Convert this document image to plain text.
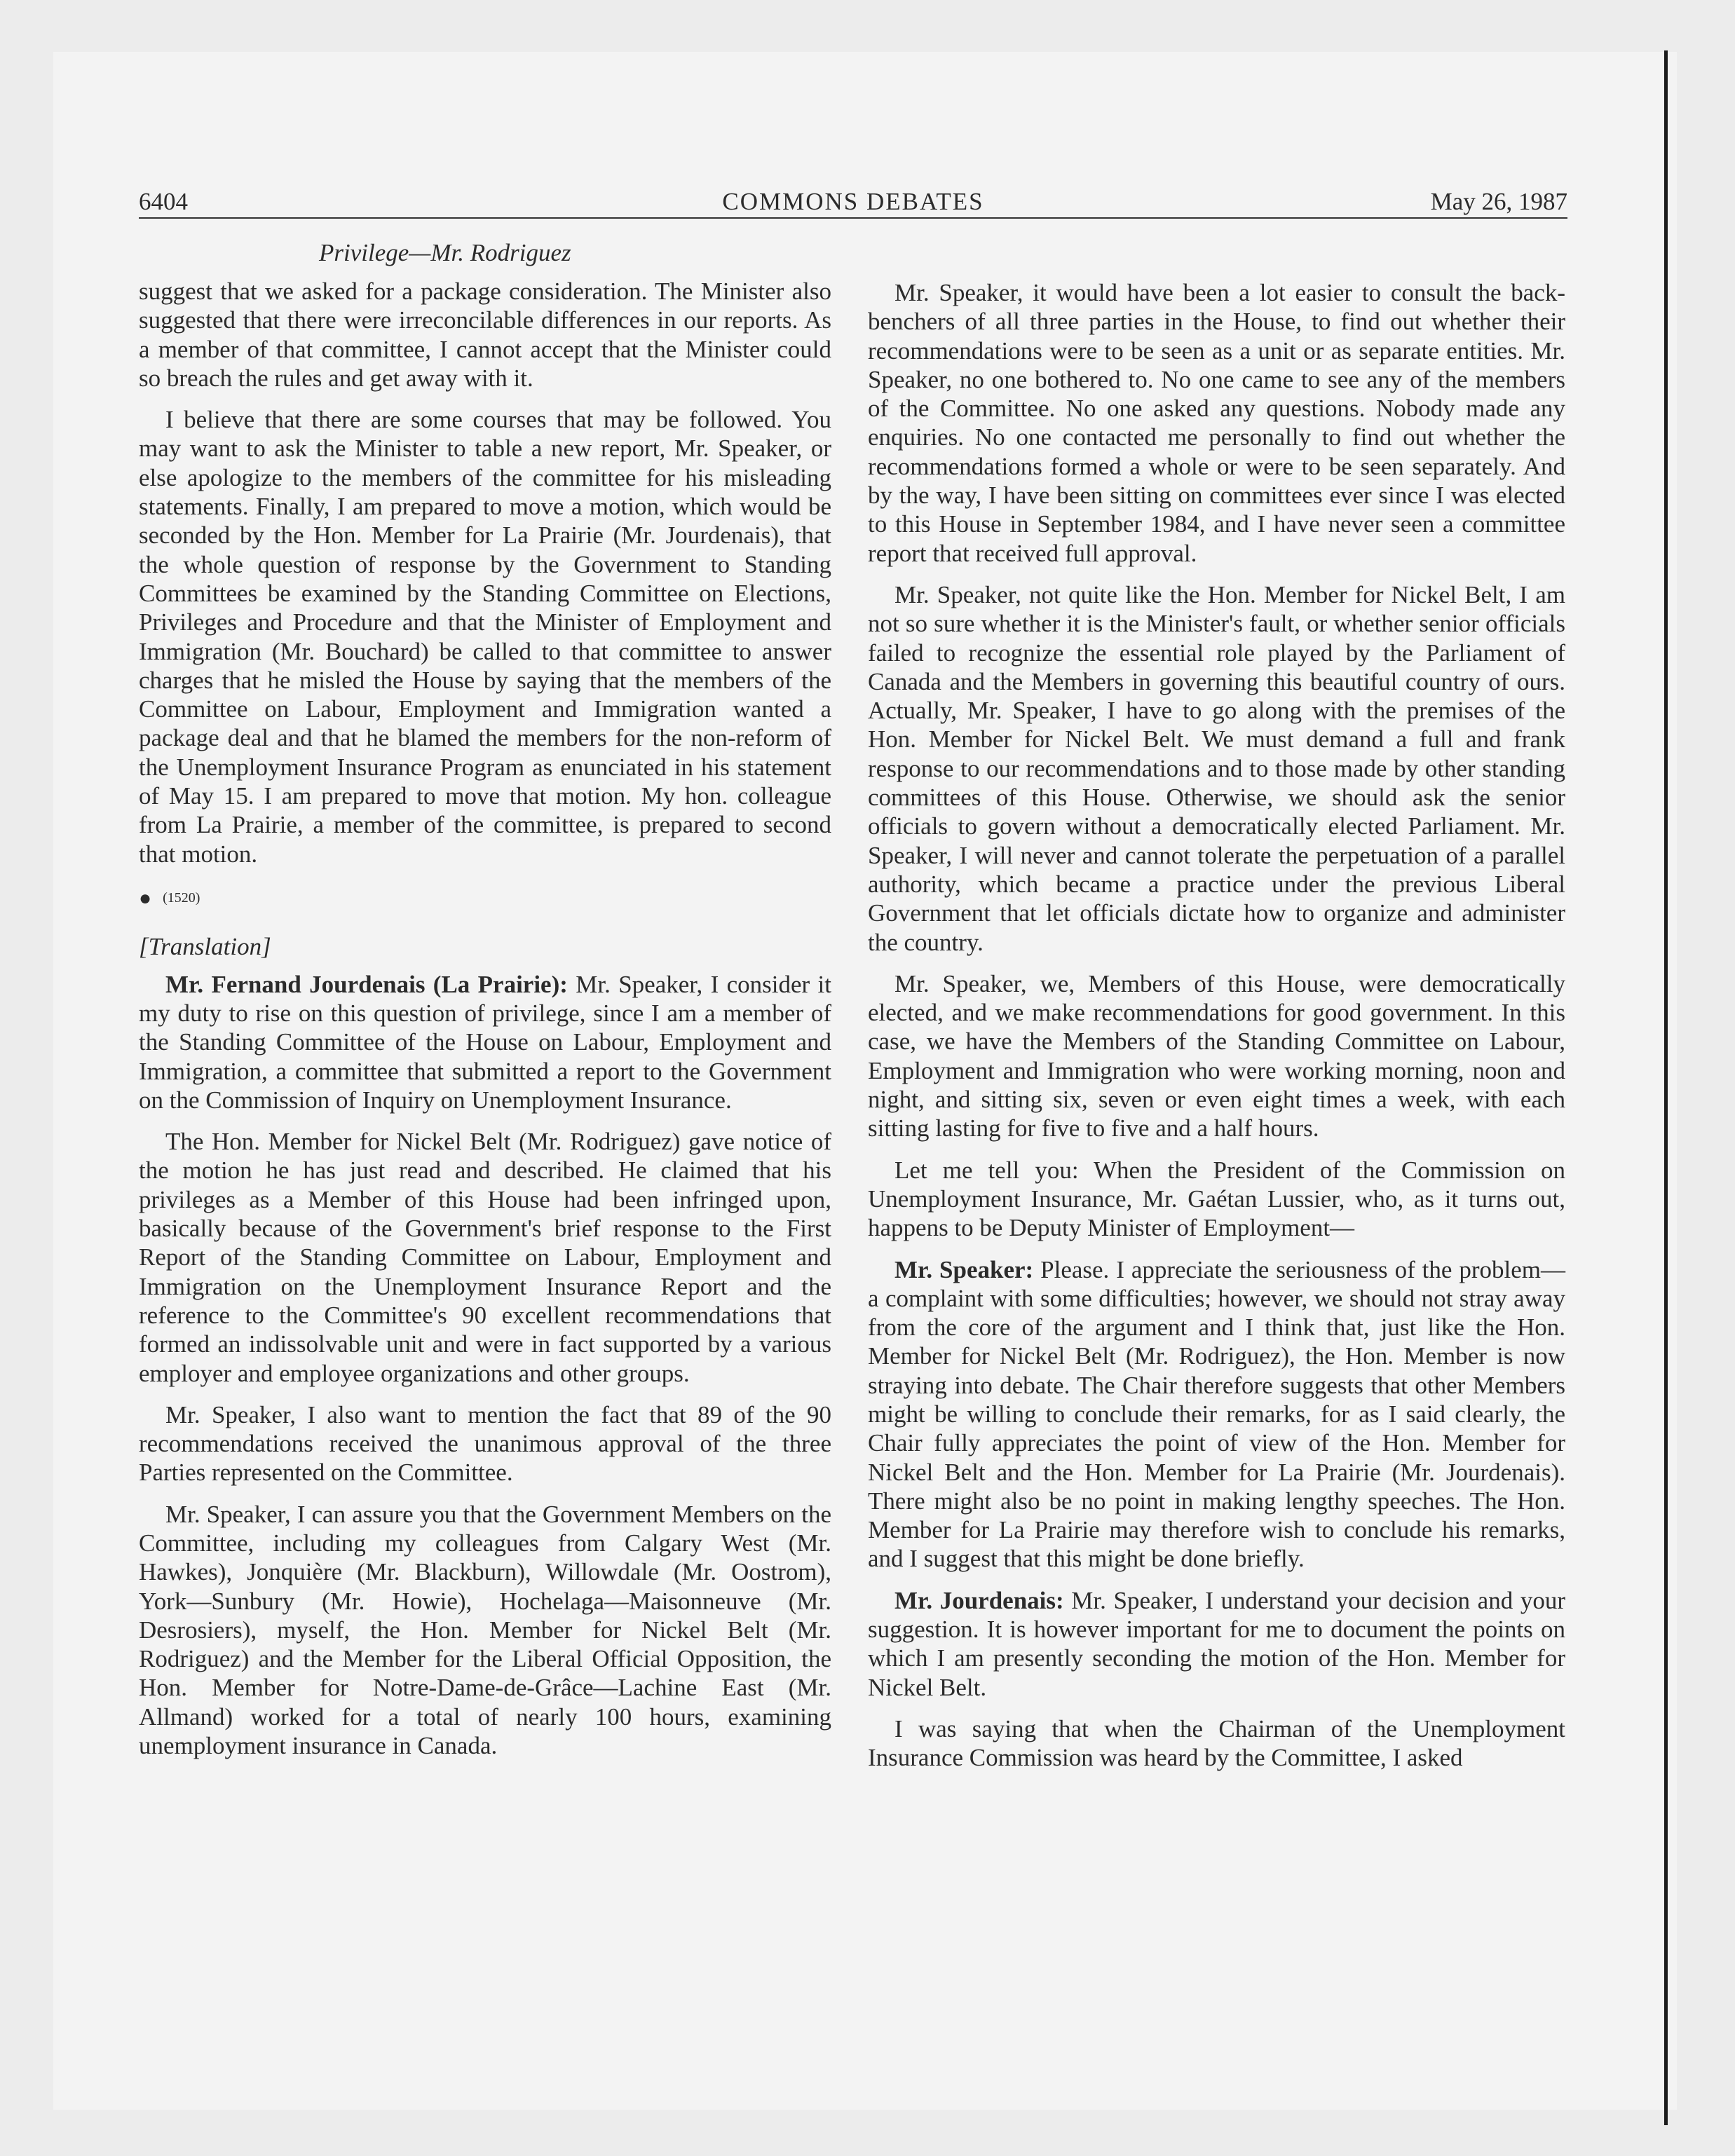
6404	COMMONS DEBATES	May 26, 1987
Privilege—Mr. Rodriguez

suggest that we asked for a package consideration. The Minister also suggested that there were irreconcilable differences in our reports. As a member of that committee, I cannot accept that the Minister could so breach the rules and get away with it.

I believe that there are some courses that may be followed. You may want to ask the Minister to table a new report, Mr. Speaker, or else apologize to the members of the committee for his misleading statements. Finally, I am prepared to move a motion, which would be seconded by the Hon. Member for La Prairie (Mr. Jourdenais), that the whole question of response by the Government to Standing Committees be examined by the Standing Committee on Elections, Privileges and Procedure and that the Minister of Employment and Immigration (Mr. Bouchard) be called to that committee to answer charges that he misled the House by saying that the members of the Committee on Labour, Employment and Immigration wanted a package deal and that he blamed the members for the non-reform of the Unemployment Insurance Program as enunciated in his statement of May 15. I am prepared to move that motion. My hon. colleague from La Prairie, a member of the committee, is prepared to second that motion.

● (1520)
[Translation]

Mr. Fernand Jourdenais (La Prairie): Mr. Speaker, I consider it my duty to rise on this question of privilege, since I am a member of the Standing Committee of the House on Labour, Employment and Immigration, a committee that submitted a report to the Government on the Commission of Inquiry on Unemployment Insurance.

The Hon. Member for Nickel Belt (Mr. Rodriguez) gave notice of the motion he has just read and described. He claimed that his privileges as a Member of this House had been infringed upon, basically because of the Government's brief response to the First Report of the Standing Committee on Labour, Employment and Immigration on the Unemployment Insurance Report and the reference to the Committee's 90 excellent recommendations that formed an indissolvable unit and were in fact supported by a various employer and employee organizations and other groups.

Mr. Speaker, I also want to mention the fact that 89 of the 90 recommendations received the unanimous approval of the three Parties represented on the Committee.

Mr. Speaker, I can assure you that the Government Members on the Committee, including my colleagues from Calgary West (Mr. Hawkes), Jonquière (Mr. Blackburn), Willowdale (Mr. Oostrom), York—Sunbury (Mr. Howie), Hochelaga—Maisonneuve (Mr. Desrosiers), myself, the Hon. Member for Nickel Belt (Mr. Rodriguez) and the Member for the Liberal Official Opposition, the Hon. Member for Notre-Dame-de-Grâce—Lachine East (Mr. Allmand) worked for a total of nearly 100 hours, examining unemployment insurance in Canada.

Mr. Speaker, it would have been a lot easier to consult the back-benchers of all three parties in the House, to find out whether their recommendations were to be seen as a unit or as separate entities. Mr. Speaker, no one bothered to. No one came to see any of the members of the Committee. No one asked any questions. Nobody made any enquiries. No one contacted me personally to find out whether the recommendations formed a whole or were to be seen separately. And by the way, I have been sitting on committees ever since I was elected to this House in September 1984, and I have never seen a committee report that received full approval.

Mr. Speaker, not quite like the Hon. Member for Nickel Belt, I am not so sure whether it is the Minister's fault, or whether senior officials failed to recognize the essential role played by the Parliament of Canada and the Members in governing this beautiful country of ours. Actually, Mr. Speaker, I have to go along with the premises of the Hon. Member for Nickel Belt. We must demand a full and frank response to our recommendations and to those made by other standing committees of this House. Otherwise, we should ask the senior officials to govern without a democratically elected Parliament. Mr. Speaker, I will never and cannot tolerate the perpetuation of a parallel authority, which became a practice under the previous Liberal Government that let officials dictate how to organize and administer the country.

Mr. Speaker, we, Members of this House, were democratically elected, and we make recommendations for good government. In this case, we have the Members of the Standing Committee on Labour, Employment and Immigration who were working morning, noon and night, and sitting six, seven or even eight times a week, with each sitting lasting for five to five and a half hours.

Let me tell you: When the President of the Commission on Unemployment Insurance, Mr. Gaétan Lussier, who, as it turns out, happens to be Deputy Minister of Employment—

Mr. Speaker: Please. I appreciate the seriousness of the problem—a complaint with some difficulties; however, we should not stray away from the core of the argument and I think that, just like the Hon. Member for Nickel Belt (Mr. Rodriguez), the Hon. Member is now straying into debate. The Chair therefore suggests that other Members might be willing to conclude their remarks, for as I said clearly, the Chair fully appreciates the point of view of the Hon. Member for Nickel Belt and the Hon. Member for La Prairie (Mr. Jourdenais). There might also be no point in making lengthy speeches. The Hon. Member for La Prairie may therefore wish to conclude his remarks, and I suggest that this might be done briefly.

Mr. Jourdenais: Mr. Speaker, I understand your decision and your suggestion. It is however important for me to document the points on which I am presently seconding the motion of the Hon. Member for Nickel Belt.

I was saying that when the Chairman of the Unemployment Insurance Commission was heard by the Committee, I asked
